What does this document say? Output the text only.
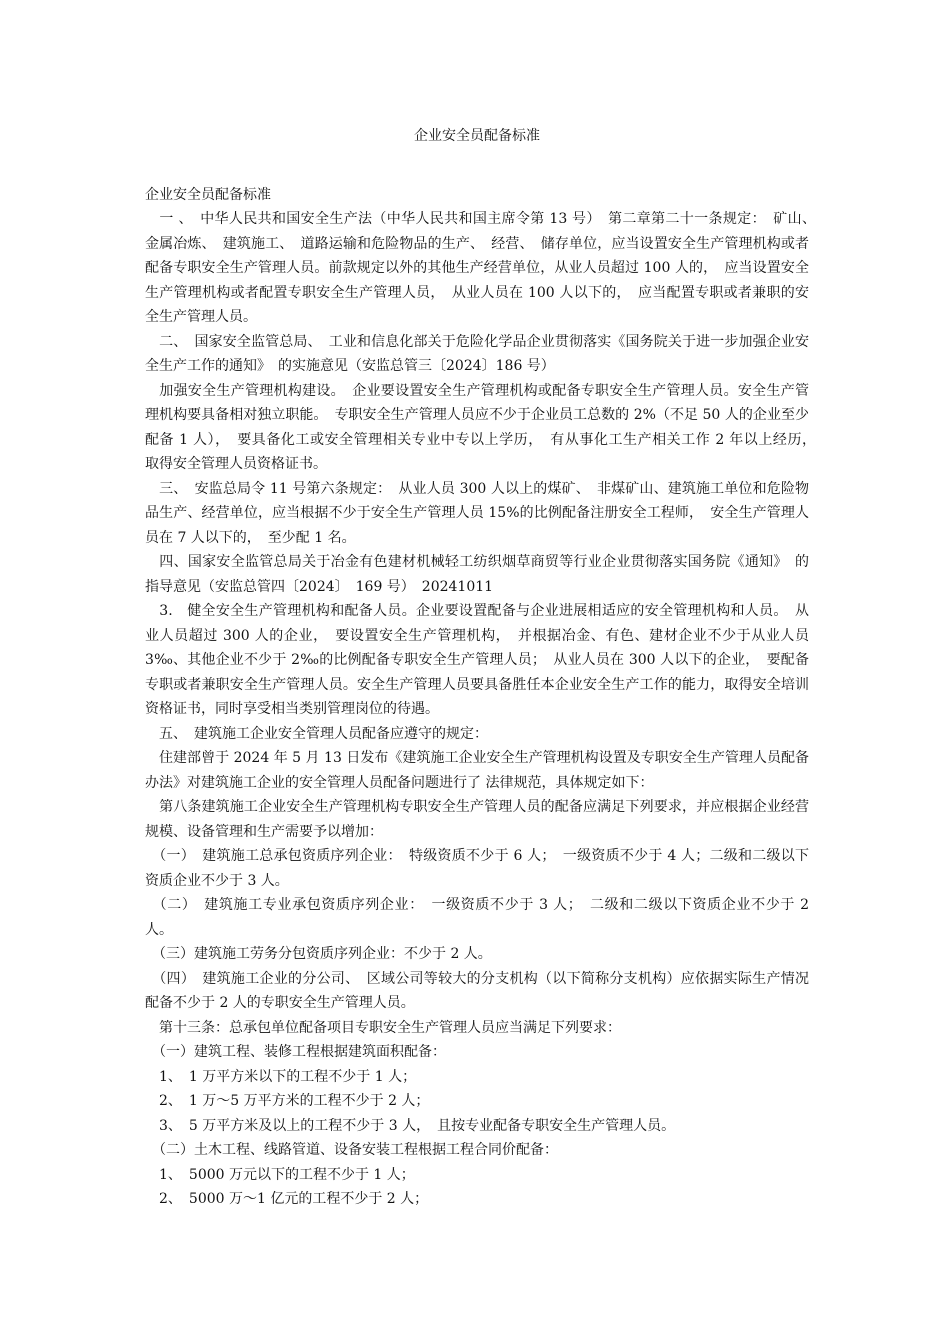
企业安全员配备标准

企业安全员配备标准

　一 、　中华人民共和国安全生产法（中华人民共和国主席令第 13 号）　第二章第二十一条规定：　矿山、　金属冶炼、　建筑施工、　道路运输和危险物品的生产、　经营、　储存单位，应当设置安全生产管理机构或者配备专职安全生产管理人员。前款规定以外的其他生产经营单位，从业人员超过 100 人的，　应当设置安全生产管理机构或者配置专职安全生产管理人员，　从业人员在 100 人以下的，　应当配置专职或者兼职的安全生产管理人员。

　二、　国家安全监管总局、　工业和信息化部关于危险化学品企业贯彻落实《国务院关于进一步加强企业安全生产工作的通知》　的实施意见（安监总管三〔2024〕186 号）

　加强安全生产管理机构建设。　企业要设置安全生产管理机构或配备专职安全生产管理人员。安全生产管理机构要具备相对独立职能。　专职安全生产管理人员应不少于企业员工总数的 2%（不足 50 人的企业至少配备 1 人），　要具备化工或安全管理相关专业中专以上学历，　有从事化工生产相关工作 2 年以上经历，　取得安全管理人员资格证书。

　三、　安监总局令 11 号第六条规定：　从业人员 300 人以上的煤矿、　非煤矿山、建筑施工单位和危险物品生产、经营单位，应当根据不少于安全生产管理人员 15%的比例配备注册安全工程师，　安全生产管理人员在 7 人以下的，　至少配 1 名。

　四、国家安全监管总局关于冶金有色建材机械轻工纺织烟草商贸等行业企业贯彻落实国务院《通知》　的指导意见（安监总管四〔2024〕　169 号）　20241011

　3.　健全安全生产管理机构和配备人员。企业要设置配备与企业进展相适应的安全管理机构和人员。　从业人员超过 300 人的企业，　要设置安全生产管理机构，　并根据冶金、有色、建材企业不少于从业人员 3‰、其他企业不少于 2‰的比例配备专职安全生产管理人员；　从业人员在 300 人以下的企业，　要配备专职或者兼职安全生产管理人员。安全生产管理人员要具备胜任本企业安全生产工作的能力，取得安全培训资格证书，同时享受相当类别管理岗位的待遇。

　五、　建筑施工企业安全管理人员配备应遵守的规定：

　住建部曾于 2024 年 5 月 13 日发布《建筑施工企业安全生产管理机构设置及专职安全生产管理人员配备办法》对建筑施工企业的安全管理人员配备问题进行了 法律规范，具体规定如下：

　第八条建筑施工企业安全生产管理机构专职安全生产管理人员的配备应满足下列要求，并应根据企业经营规模、设备管理和生产需要予以增加：

　（一）　建筑施工总承包资质序列企业：　特级资质不少于 6 人；　一级资质不少于 4 人；二级和二级以下资质企业不少于 3 人。

　（二）　建筑施工专业承包资质序列企业：　一级资质不少于 3 人；　二级和二级以下资质企业不少于 2 人。

　（三）建筑施工劳务分包资质序列企业：不少于 2 人。

　（四）　建筑施工企业的分公司、　区域公司等较大的分支机构（以下简称分支机构）应依据实际生产情况配备不少于 2 人的专职安全生产管理人员。

　第十三条：总承包单位配备项目专职安全生产管理人员应当满足下列要求：

　（一）建筑工程、装修工程根据建筑面积配备：

　1、　1 万平方米以下的工程不少于 1 人；

　2、　1 万～5 万平方米的工程不少于 2 人；

　3、　5 万平方米及以上的工程不少于 3 人，　且按专业配备专职安全生产管理人员。

　（二）土木工程、线路管道、设备安装工程根据工程合同价配备：

　1、　5000 万元以下的工程不少于 1 人；

　2、　5000 万～1 亿元的工程不少于 2 人；
